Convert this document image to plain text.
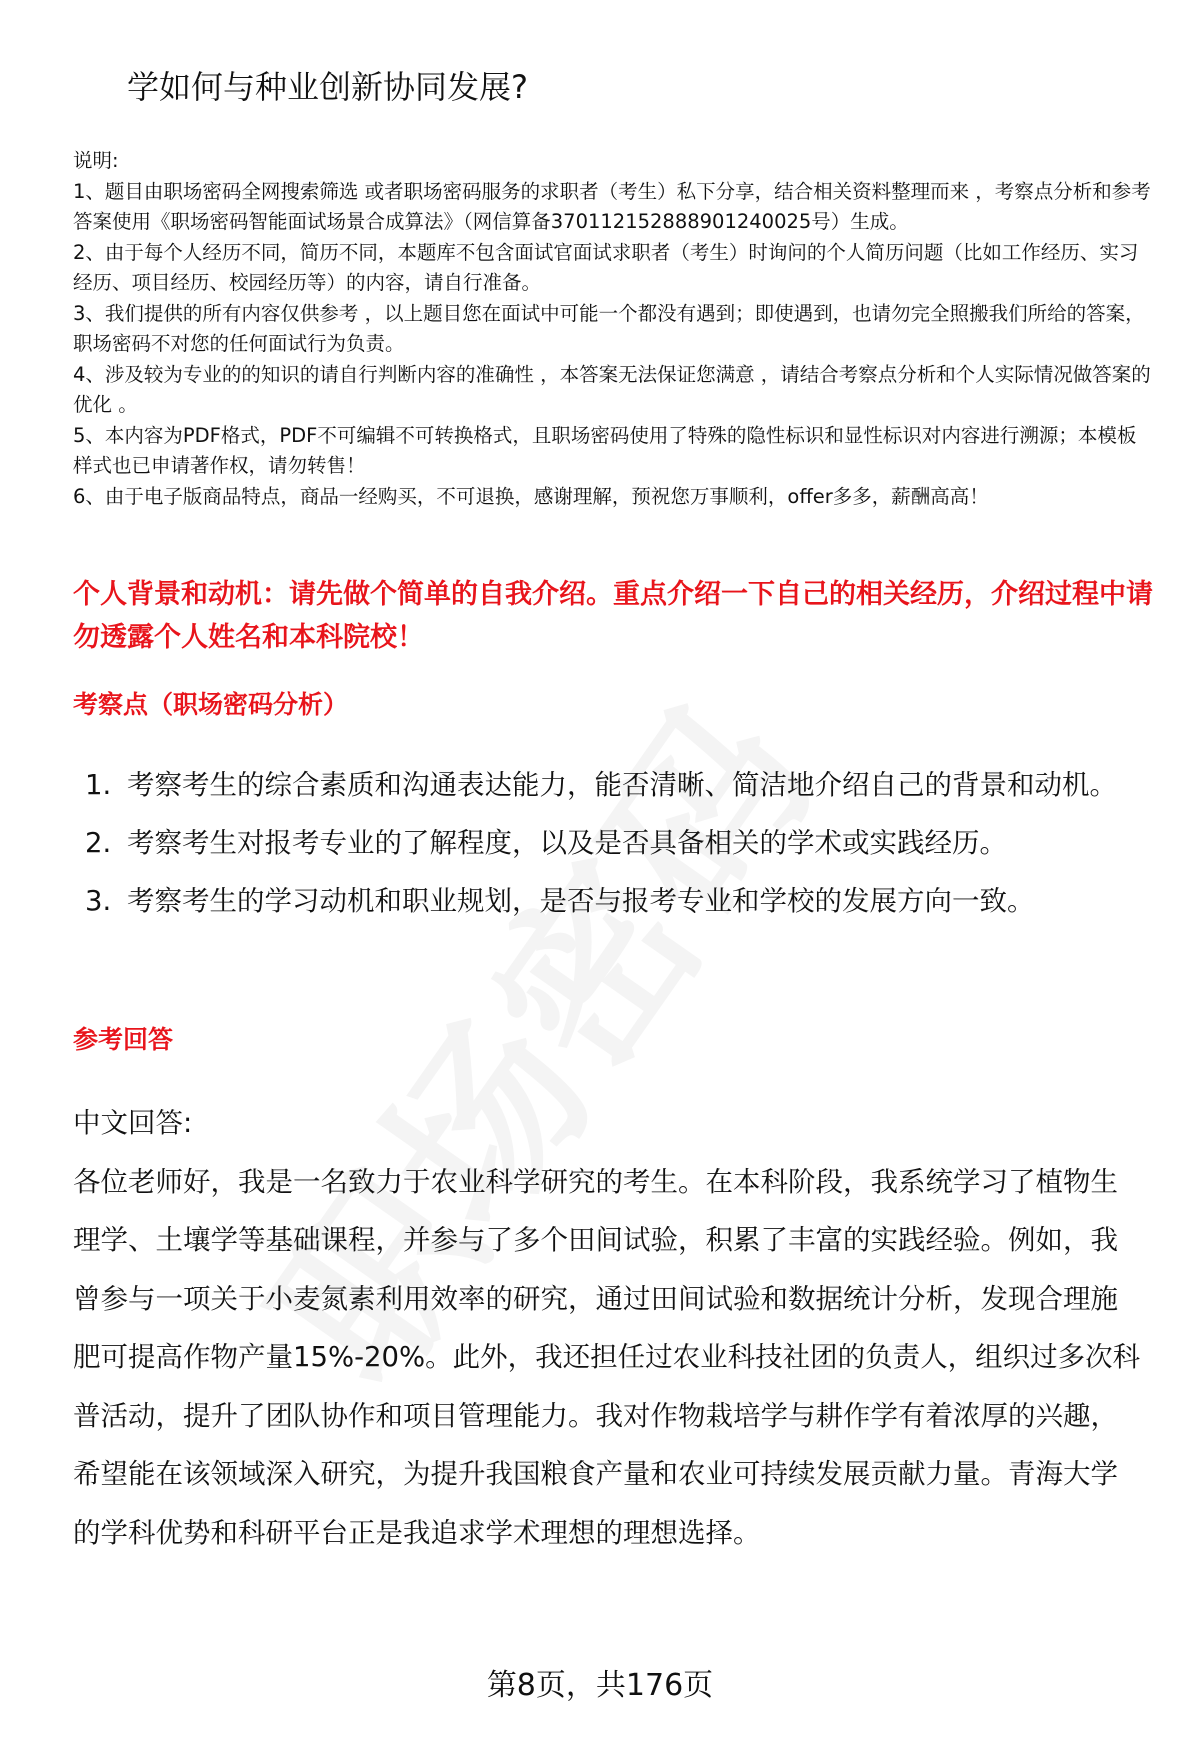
学如何与种业创新协同发展?
说明:
1、题目由职场密码全网搜索筛选 或者职场密码服务的求职者（考生）私下分享，结合相关资料整理而来 ，考察点分析和参考答案使用《职场密码智能面试场景合成算法》（网信算备370112152888901240025号）生成。
2、由于每个人经历不同，简历不同，本题库不包含面试官面试求职者（考生）时询问的个人简历问题（比如工作经历、实习经历、项目经历、校园经历等）的内容，请自行准备。
3、我们提供的所有内容仅供参考 ，以上题目您在面试中可能一个都没有遇到；即使遇到，也请勿完全照搬我们所给的答案，职场密码不对您的任何面试行为负责。
4、涉及较为专业的的知识的请自行判断内容的准确性 ，本答案无法保证您满意 ，请结合考察点分析和个人实际情况做答案的优化 。
5、本内容为PDF格式，PDF不可编辑不可转换格式，且职场密码使用了特殊的隐性标识和显性标识对内容进行溯源；本模板样式也已申请著作权，请勿转售！
6、由于电子版商品特点，商品一经购买，不可退换，感谢理解，预祝您万事顺利，offer多多，薪酬高高！
个人背景和动机：请先做个简单的自我介绍。重点介绍一下自己的相关经历，介绍过程中请勿透露个人姓名和本科院校！
考察点（职场密码分析）
1. 考察考生的综合素质和沟通表达能力，能否清晰、简洁地介绍自己的背景和动机。
2. 考察考生对报考专业的了解程度，以及是否具备相关的学术或实践经历。
3. 考察考生的学习动机和职业规划，是否与报考专业和学校的发展方向一致。
参考回答
中文回答:
各位老师好，我是一名致力于农业科学研究的考生。在本科阶段，我系统学习了植物生理学、土壤学等基础课程，并参与了多个田间试验，积累了丰富的实践经验。例如，我曾参与一项关于小麦氮素利用效率的研究，通过田间试验和数据统计分析，发现合理施肥可提高作物产量15%-20%。此外，我还担任过农业科技社团的负责人，组织过多次科普活动，提升了团队协作和项目管理能力。我对作物栽培学与耕作学有着浓厚的兴趣，希望能在该领域深入研究，为提升我国粮食产量和农业可持续发展贡献力量。青海大学的学科优势和科研平台正是我追求学术理想的理想选择。
第8页，共176页
